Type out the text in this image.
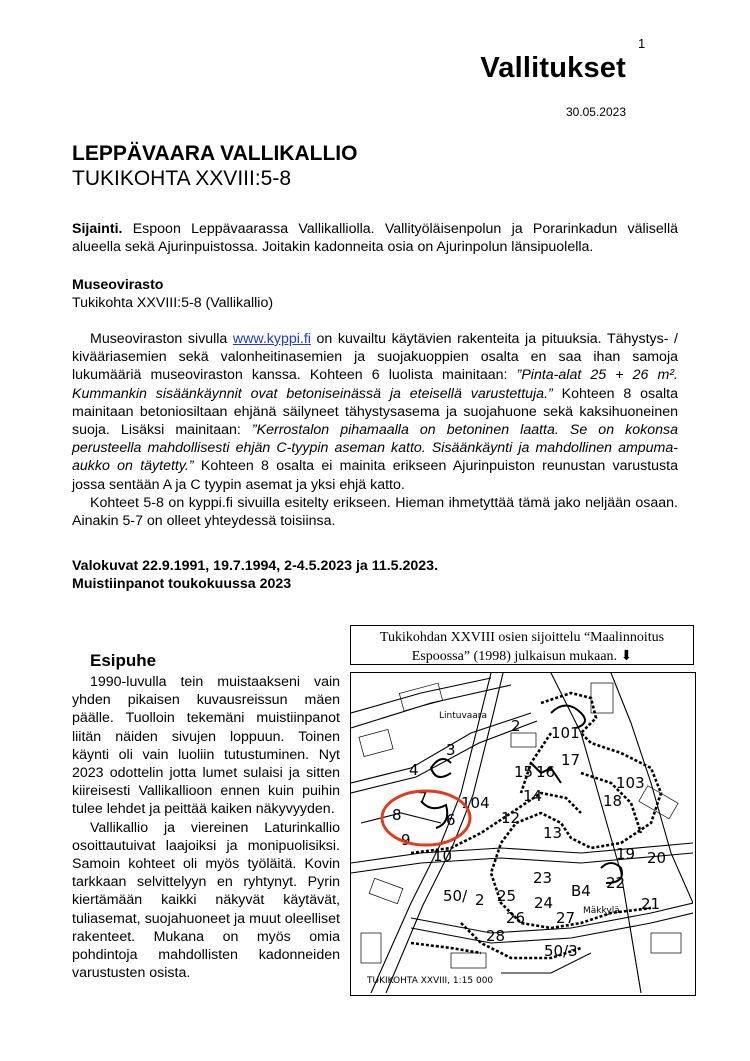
1
Vallitukset
30.05.2023
LEPPÄVAARA VALLIKALLIO
TUKIKOHTA XXVIII:5-8
Sijainti. Espoon Leppävaarassa Vallikalliolla. Vallityöläisenpolun ja Porarinkadun välisellä alueella sekä Ajurinpuistossa. Joitakin kadonneita osia on Ajurinpolun länsipuolella.
Museovirasto
Tukikohta XXVIII:5-8 (Vallikallio)
Museoviraston sivulla www.kyppi.fi on kuvailtu käytävien rakenteita ja pituuksia. Tähystys- / kivääriasemien sekä valonheitinasemien ja suojakuoppien osalta en saa ihan samoja lukumääriä museoviraston kanssa. Kohteen 6 luolista mainitaan: ”Pinta-alat 25 + 26 m². Kummankin sisäänkäynnit ovat betoniseinässä ja eteisellä varustettuja.” Kohteen 8 osalta mainitaan betoniosiltaan ehjänä säilyneet tähystysasema ja suojahuone sekä kaksihuoneinen suoja. Lisäksi mainitaan: ”Kerrostalon pihamaalla on betoninen laatta. Se on kokonsa perusteella mahdollisesti ehjän C-tyypin aseman katto. Sisäänkäynti ja mahdollinen ampuma-aukko on täytetty.” Kohteen 8 osalta ei mainita erikseen Ajurinpuiston reunustan varustusta jossa sentään A ja C tyypin asemat ja yksi ehjä katto.
Kohteet 5-8 on kyppi.fi sivuilla esitelty erikseen. Hieman ihmetyttää tämä jako neljään osaan. Ainakin 5-7 on olleet yhteydessä toisiinsa.
Valokuvat 22.9.1991, 19.7.1994, 2-4.5.2023 ja 11.5.2023.
Muistiinpanot toukokuussa 2023
Tukikohdan XXVIII osien sijoittelu “Maalinnoitus Espoossa” (1998) julkaisun mukaan. ⬇
101
2
3
4	15 16
17
103
18
104
8
7
6	12
13
14
19 20
10
9
23
B4 22
21
50/ 2 25 24
26 27
28
50/3
Lintuvaara
Mäkkylä
TUKIKOHTA XXVIII, 1:15 000
Esipuhe

1990-luvulla tein muistaakseni vain yhden pikaisen kuvausreissun mäen päälle. Tuolloin tekemäni muistiinpanot liitän näiden sivujen loppuun. Toinen käynti oli vain luoliin tutustuminen. Nyt 2023 odottelin jotta lumet sulaisi ja sitten kiireisesti Vallikallioon ennen kuin puihin tulee lehdet ja peittää kaiken näkyvyyden.

Vallikallio ja viereinen Laturinkallio osoittautuivat laajoiksi ja monipuolisiksi. Samoin kohteet oli myös työläitä. Kovin tarkkaan selvittelyyn en ryhtynyt. Pyrin kiertämään kaikki näkyvät käytävät, tuliasemat, suojahuoneet ja muut oleelliset rakenteet. Mukana on myös omia pohdintoja mahdollisten kadonneiden varustusten osista.
